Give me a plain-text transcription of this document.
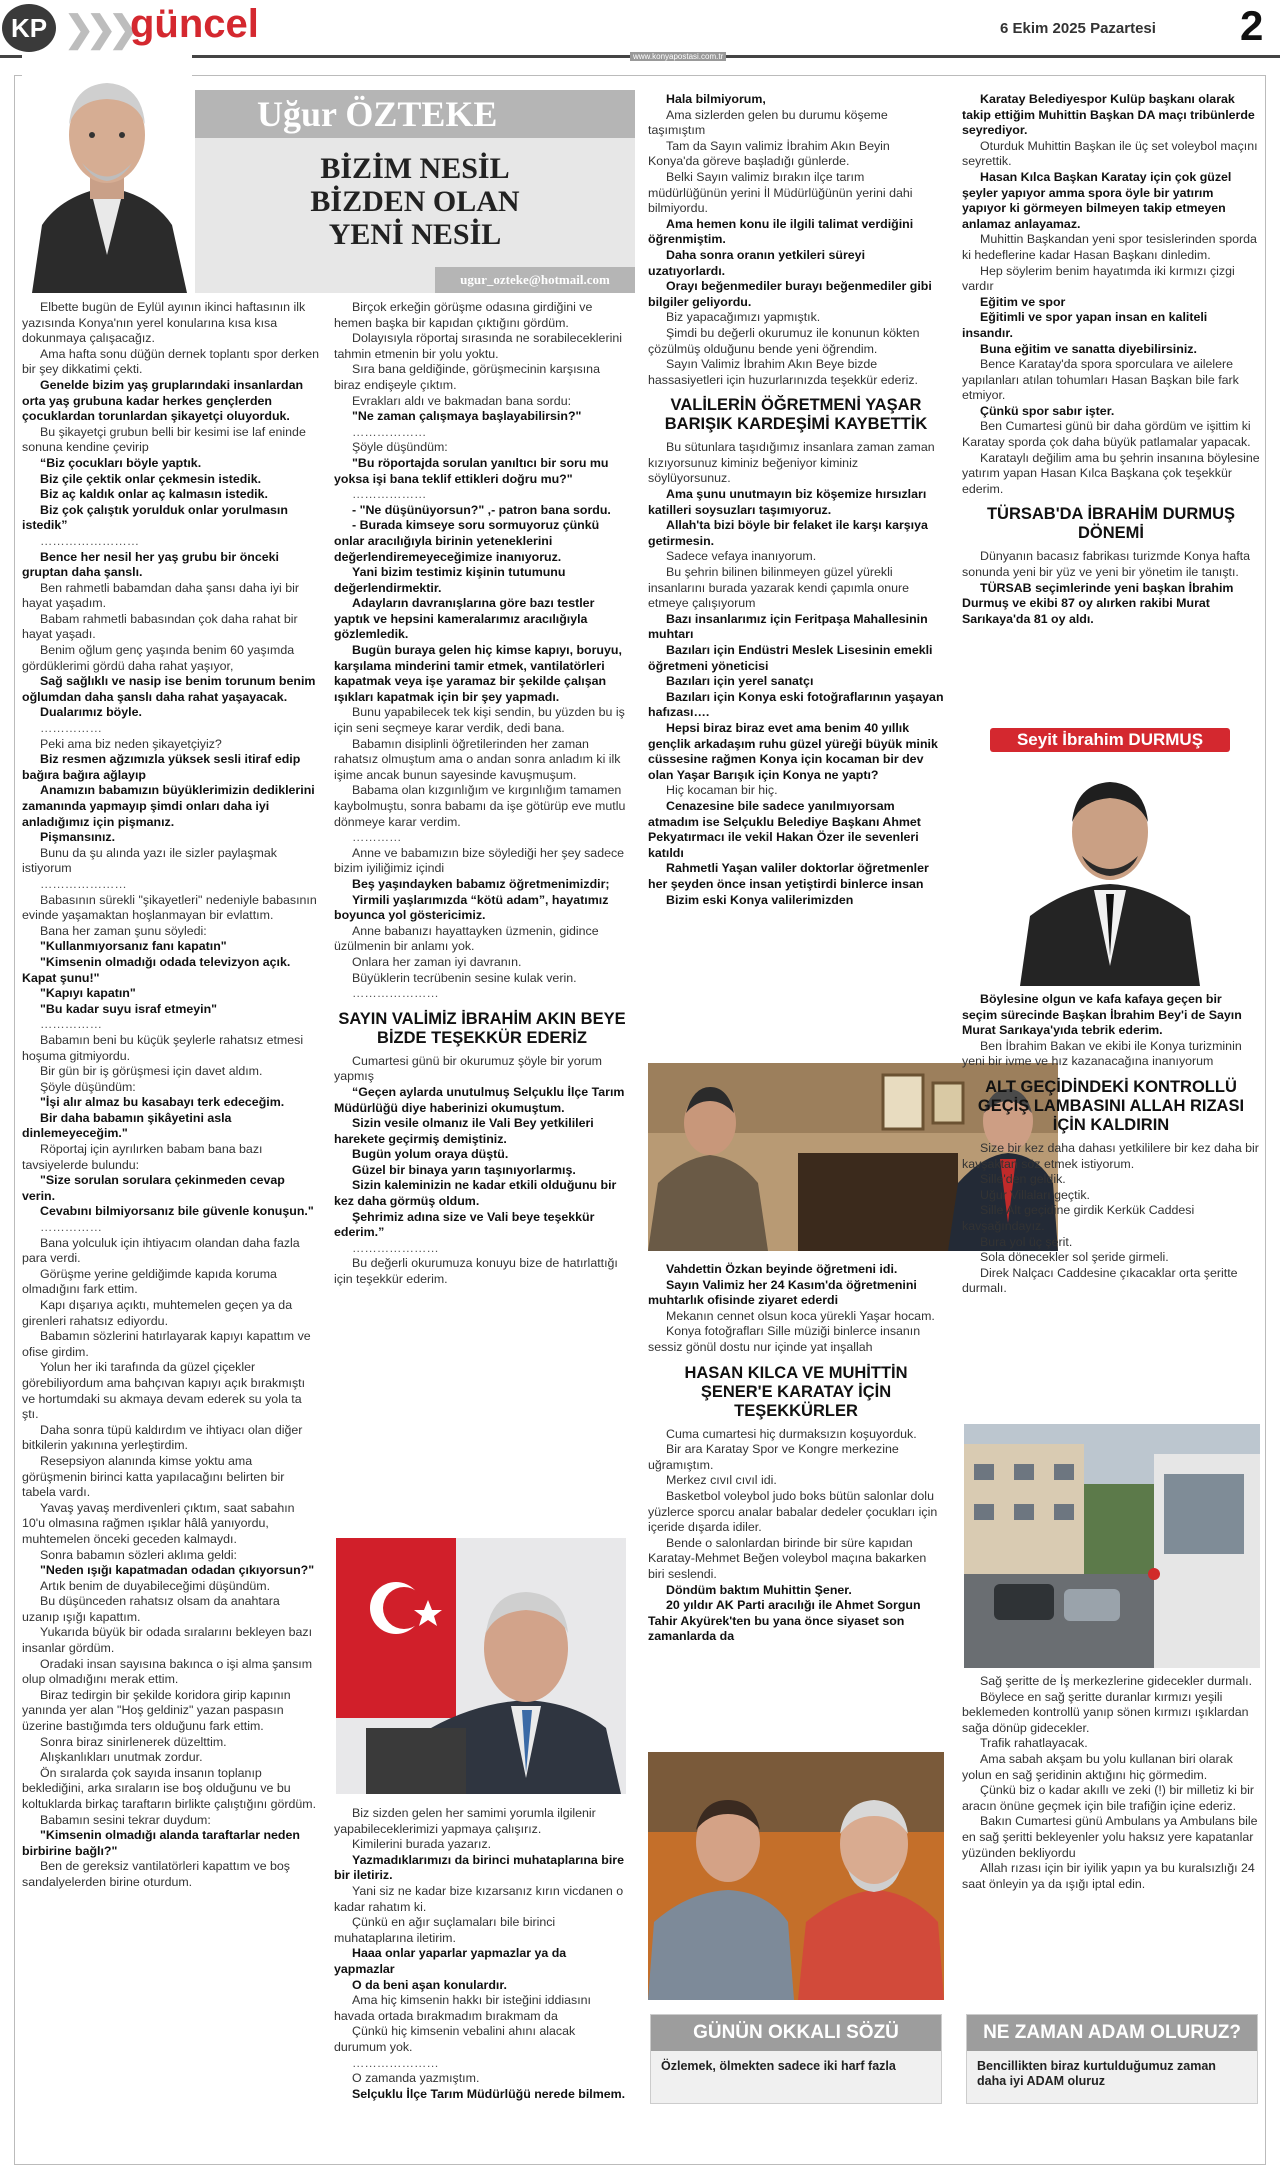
KP ❯❯❯ güncel
www.konyapostasi.com.tr
6 Ekim 2025 Pazartesi 2
Uğur ÖZTEKE
BİZİM NESİL
BİZDEN OLAN
YENİ NESİL
ugur_ozteke@hotmail.com

Elbette bugün de Eylül ayının ikinci haftasının ilk yazısında Konya'nın yerel konularına kısa kısa dokunmaya çalışacağız.

Ama hafta sonu düğün dernek toplantı spor derken bir şey dikkatimi çekti.

Genelde bizim yaş gruplarındaki insanlardan orta yaş grubuna kadar herkes gençlerden çocuklardan torunlardan şikayetçi oluyorduk.

Bu şikayetçi grubun belli bir kesimi ise laf eninde sonuna kendine çevirip

“Biz çocukları böyle yaptık.

Biz çile çektik onlar çekmesin istedik.

Biz aç kaldık onlar aç kalmasın istedik.

Biz çok çalıştık yorulduk onlar yorulmasın istedik”

……………………

Bence her nesil her yaş grubu bir önceki gruptan daha şanslı.

Ben rahmetli babamdan daha şansı daha iyi bir hayat yaşadım.

Babam rahmetli babasından çok daha rahat bir hayat yaşadı.

Benim oğlum genç yaşında benim 60 yaşımda gördüklerimi gördü daha rahat yaşıyor,

Sağ sağlıklı ve nasip ise benim torunum benim oğlumdan daha şanslı daha rahat yaşayacak.

Dualarımız böyle.

……………

Peki ama biz neden şikayetçiyiz?

Biz resmen ağzımızla yüksek sesli itiraf edip bağıra bağıra ağlayıp

Anamızın babamızın büyüklerimizin dediklerini zamanında yapmayıp şimdi onları daha iyi anladığımız için pişmanız.

Pişmansınız.

Bunu da şu alında yazı ile sizler paylaşmak istiyorum

…………………

Babasının sürekli "şikayetleri" nedeniyle babasının evinde yaşamaktan hoşlanmayan bir evlattım.

Bana her zaman şunu söyledi:

"Kullanmıyorsanız fanı kapatın"

"Kimsenin olmadığı odada televizyon açık. Kapat şunu!"

"Kapıyı kapatın"

"Bu kadar suyu israf etmeyin"

……………

Babamın beni bu küçük şeylerle rahatsız etmesi hoşuma gitmiyordu.

Bir gün bir iş görüşmesi için davet aldım.

Şöyle düşündüm:

"İşi alır almaz bu kasabayı terk edeceğim.

Bir daha babamın şikâyetini asla dinlemeyeceğim."

Röportaj için ayrılırken babam bana bazı tavsiyelerde bulundu:

"Size sorulan sorulara çekinmeden cevap verin.

Cevabını bilmiyorsanız bile güvenle konuşun."

……………

Bana yolculuk için ihtiyacım olandan daha fazla para verdi.

Görüşme yerine geldiğimde kapıda koruma olmadığını fark ettim.

Kapı dışarıya açıktı, muhtemelen geçen ya da girenleri rahatsız ediyordu.

Babamın sözlerini hatırlayarak kapıyı kapattım ve ofise girdim.

Yolun her iki tarafında da güzel çiçekler görebiliyordum ama bahçıvan kapıyı açık bırakmıştı ve hortumdaki su akmaya devam ederek su yola ta ştı.

Daha sonra tüpü kaldırdım ve ihtiyacı olan diğer bitkilerin yakınına yerleştirdim.

Resepsiyon alanında kimse yoktu ama görüşmenin birinci katta yapılacağını belirten bir tabela vardı.

Yavaş yavaş merdivenleri çıktım, saat sabahın 10'u olmasına rağmen ışıklar hâlâ yanıyordu, muhtemelen önceki geceden kalmaydı.

Sonra babamın sözleri aklıma geldi:

"Neden ışığı kapatmadan odadan çıkıyorsun?"

Artık benim de duyabileceğimi düşündüm.

Bu düşünceden rahatsız olsam da anahtara uzanıp ışığı kapattım.

Yukarıda büyük bir odada sıralarını bekleyen bazı insanlar gördüm.

Oradaki insan sayısına bakınca o işi alma şansım olup olmadığını merak ettim.

Biraz tedirgin bir şekilde koridora girip kapının yanında yer alan "Hoş geldiniz" yazan paspasın üzerine bastığımda ters olduğunu fark ettim.

Sonra biraz sinirlenerek düzelttim.

Alışkanlıkları unutmak zordur.

Ön sıralarda çok sayıda insanın toplanıp beklediğini, arka sıraların ise boş olduğunu ve bu koltuklarda birkaç taraftarın birlikte çalıştığını gördüm.

Babamın sesini tekrar duydum:

"Kimsenin olmadığı alanda taraftarlar neden birbirine bağlı?"

Ben de gereksiz vantilatörleri kapattım ve boş sandalyelerden birine oturdum.

Birçok erkeğin görüşme odasına girdiğini ve hemen başka bir kapıdan çıktığını gördüm.

Dolayısıyla röportaj sırasında ne sorabileceklerini tahmin etmenin bir yolu yoktu.

Sıra bana geldiğinde, görüşmecinin karşısına biraz endişeyle çıktım.

Evrakları aldı ve bakmadan bana sordu:

"Ne zaman çalışmaya başlayabilirsin?"

………………

Şöyle düşündüm:

"Bu röportajda sorulan yanıltıcı bir soru mu yoksa işi bana teklif ettikleri doğru mu?"

………………

- "Ne düşünüyorsun?" ,- patron bana sordu.

- Burada kimseye soru sormuyoruz çünkü onlar aracılığıyla birinin yeteneklerini değerlendiremeyeceğimize inanıyoruz.

Yani bizim testimiz kişinin tutumunu değerlendirmektir.

Adayların davranışlarına göre bazı testler yaptık ve hepsini kameralarımız aracılığıyla gözlemledik.

Bugün buraya gelen hiç kimse kapıyı, boruyu, karşılama minderini tamir etmek, vantilatörleri kapatmak veya işe yaramaz bir şekilde çalışan ışıkları kapatmak için bir şey yapmadı.

Bunu yapabilecek tek kişi sendin, bu yüzden bu iş için seni seçmeye karar verdik, dedi bana.

Babamın disiplinli öğretilerinden her zaman rahatsız olmuştum ama o andan sonra anladım ki ilk işime ancak bunun sayesinde kavuşmuşum.

Babama olan kızgınlığım ve kırgınlığım tamamen kaybolmuştu, sonra babamı da işe götürüp eve mutlu dönmeye karar verdim.

…………

Anne ve babamızın bize söylediği her şey sadece bizim iyiliğimiz içindi

Beş yaşındayken babamız öğretmenimizdir;

Yirmili yaşlarımızda “kötü adam”, hayatımız boyunca yol göstericimiz.

Anne babanızı hayattayken üzmenin, gidince üzülmenin bir anlamı yok.

Onlara her zaman iyi davranın.

Büyüklerin tecrübenin sesine kulak verin.

…………………

SAYIN VALİMİZ İBRAHİM AKIN BEYE BİZDE TEŞEKKÜR EDERİZ

Cumartesi günü bir okurumuz şöyle bir yorum yapmış

“Geçen aylarda unutulmuş Selçuklu İlçe Tarım Müdürlüğü diye haberinizi okumuştum.

Sizin vesile olmanız ile Vali Bey yetkilileri harekete geçirmiş demiştiniz.

Bugün yolum oraya düştü.

Güzel bir binaya yarın taşınıyorlarmış.

Sizin kaleminizin ne kadar etkili olduğunu bir kez daha görmüş oldum.

Şehrimiz adına size ve Vali beye teşekkür ederim.”

…………………

Bu değerli okurumuza konuyu bize de hatırlattığı için teşekkür ederim.

Biz sizden gelen her samimi yorumla ilgilenir yapabileceklerimizi yapmaya çalışırız.

Kimilerini burada yazarız.

Yazmadıklarımızı da birinci muhataplarına bire bir iletiriz.

Yani siz ne kadar bize kızarsanız kırın vicdanen o kadar rahatım ki.

Çünkü en ağır suçlamaları bile birinci muhataplarına iletirim.

Haaa onlar yaparlar yapmazlar ya da yapmazlar

O da beni aşan konulardır.

Ama hiç kimsenin hakkı bir isteğini iddiasını havada ortada bırakmadım bırakmam da

Çünkü hiç kimsenin vebalini ahını alacak durumum yok.

…………………

O zamanda yazmıştım.

Selçuklu İlçe Tarım Müdürlüğü nerede bilmem.

Hala bilmiyorum,

Ama sizlerden gelen bu durumu köşeme taşımıştım

Tam da Sayın valimiz İbrahim Akın Beyin Konya'da göreve başladığı günlerde.

Belki Sayın valimiz bırakın ilçe tarım müdürlüğünün yerini İl Müdürlüğünün yerini dahi bilmiyordu.

Ama hemen konu ile ilgili talimat verdiğini öğrenmiştim.

Daha sonra oranın yetkileri süreyi uzatıyorlardı.

Orayı beğenmediler burayı beğenmediler gibi bilgiler geliyordu.

Biz yapacağımızı yapmıştık.

Şimdi bu değerli okurumuz ile konunun kökten çözülmüş olduğunu bende yeni öğrendim.

Sayın Valimiz İbrahim Akın Beye bizde hassasiyetleri için huzurlarınızda teşekkür ederiz.

VALİLERİN ÖĞRETMENİ YAŞAR BARIŞIK KARDEŞİMİ KAYBETTİK

Bu sütunlara taşıdığımız insanlara zaman zaman kızıyorsunuz kiminiz beğeniyor kiminiz söylüyorsunuz.

Ama şunu unutmayın biz köşemize hırsızları katilleri soysuzları taşımıyoruz.

Allah'ta bizi böyle bir felaket ile karşı karşıya getirmesin.

Sadece vefaya inanıyorum.

Bu şehrin bilinen bilinmeyen güzel yürekli insanlarını burada yazarak kendi çapımla onure etmeye çalışıyorum

Bazı insanlarımız için Feritpaşa Mahallesinin muhtarı

Bazıları için Endüstri Meslek Lisesinin emekli öğretmeni yöneticisi

Bazıları için yerel sanatçı

Bazıları için Konya eski fotoğraflarının yaşayan hafızası….

Hepsi biraz biraz evet ama benim 40 yıllık gençlik arkadaşım ruhu güzel yüreği büyük minik cüssesine rağmen Konya için kocaman bir dev olan Yaşar Barışık için Konya ne yaptı?

Hiç kocaman bir hiç.

Cenazesine bile sadece yanılmıyorsam atmadım ise Selçuklu Belediye Başkanı Ahmet Pekyatırmacı ile vekil Hakan Özer ile sevenleri katıldı

Rahmetli Yaşan valiler doktorlar öğretmenler her şeyden önce insan yetiştirdi binlerce insan

Bizim eski Konya valilerimizden

Vahdettin Özkan beyinde öğretmeni idi.

Sayın Valimiz her 24 Kasım'da öğretmenini muhtarlık ofisinde ziyaret ederdi

Mekanın cennet olsun koca yürekli Yaşar hocam.

Konya fotoğrafları Sille müziği binlerce insanın sessiz gönül dostu nur içinde yat inşallah

HASAN KILCA VE MUHİTTİN ŞENER'E KARATAY İÇİN TEŞEKKÜRLER

Cuma cumartesi hiç durmaksızın koşuyorduk.

Bir ara Karatay Spor ve Kongre merkezine uğramıştım.

Merkez cıvıl cıvıl idi.

Basketbol voleybol judo boks bütün salonlar dolu yüzlerce sporcu analar babalar dedeler çocukları için içeride dışarda idiler.

Bende o salonlardan birinde bir süre kapıdan Karatay-Mehmet Beğen voleybol maçına bakarken biri seslendi.

Döndüm baktım Muhittin Şener.

20 yıldır AK Parti aracılığı ile Ahmet Sorgun Tahir Akyürek'ten bu yana önce siyaset son zamanlarda da

Karatay Belediyespor Kulüp başkanı olarak takip ettiğim Muhittin Başkan DA maçı tribünlerde seyrediyor.

Oturduk Muhittin Başkan ile üç set voleybol maçını seyrettik.

Hasan Kılca Başkan Karatay için çok güzel şeyler yapıyor amma spora öyle bir yatırım yapıyor ki görmeyen bilmeyen takip etmeyen anlamaz anlayamaz.

Muhittin Başkandan yeni spor tesislerinden sporda ki hedeflerine kadar Hasan Başkanı dinledim.

Hep söylerim benim hayatımda iki kırmızı çizgi vardır

Eğitim ve spor

Eğitimli ve spor yapan insan en kaliteli insandır.

Buna eğitim ve sanatta diyebilirsiniz.

Bence Karatay'da spora sporculara ve ailelere yapılanları atılan tohumları Hasan Başkan bile fark etmiyor.

Çünkü spor sabır işter.

Ben Cumartesi günü bir daha gördüm ve işittim ki Karatay sporda çok daha büyük patlamalar yapacak.

Karataylı değilim ama bu şehrin insanına böylesine yatırım yapan Hasan Kılca Başkana çok teşekkür ederim.

TÜRSAB'DA İBRAHİM DURMUŞ DÖNEMİ

Dünyanın bacasız fabrikası turizmde Konya hafta sonunda yeni bir yüz ve yeni bir yönetim ile tanıştı.

TÜRSAB seçimlerinde yeni başkan İbrahim Durmuş ve ekibi 87 oy alırken rakibi Murat Sarıkaya'da 81 oy aldı.

Seyit İbrahim DURMUŞ

Böylesine olgun ve kafa kafaya geçen bir seçim sürecinde Başkan İbrahim Bey'i de Sayın Murat Sarıkaya'yıda tebrik ederim.

Ben İbrahim Bakan ve ekibi ile Konya turizminin yeni bir ivme ve hız kazanacağına inanıyorum

ALT GEÇİDİNDEKİ KONTROLLÜ GEÇİŞ LAMBASINI ALLAH RIZASI İÇİN KALDIRIN

Size bir kez daha dahası yetkililere bir kez daha bir kavşaktan söz etmek istiyorum.

Sille'den geldik.

Uğur Villaları geçtik.

Sille Alt geçidine girdik Kerkük Caddesi kavşağındayız.

Bura yol üç şerit.

Sola dönecekler sol şeride girmeli.

Direk Nalçacı Caddesine çıkacaklar orta şeritte durmalı.

Sağ şeritte de İş merkezlerine gidecekler durmalı.

Böylece en sağ şeritte duranlar kırmızı yeşili beklemeden kontrollü yanıp sönen kırmızı ışıklardan sağa dönüp gidecekler.

Trafik rahatlayacak.

Ama sabah akşam bu yolu kullanan biri olarak yolun en sağ şeridinin aktığını hiç görmedim.

Çünkü biz o kadar akıllı ve zeki (!) bir milletiz ki bir aracın önüne geçmek için bile trafiğin içine ederiz.

Bakın Cumartesi günü Ambulans ya Ambulans bile en sağ şeritti bekleyenler yolu haksız yere kapatanlar yüzünden bekliyordu

Allah rızası için bir iyilik yapın ya bu kuralsızlığı 24 saat önleyin ya da ışığı iptal edin.

GÜNÜN OKKALI SÖZÜ
Özlemek, ölmekten sadece iki harf fazla
NE ZAMAN ADAM OLURUZ?
Bencillikten biraz kurtulduğumuz zaman daha iyi ADAM oluruz
